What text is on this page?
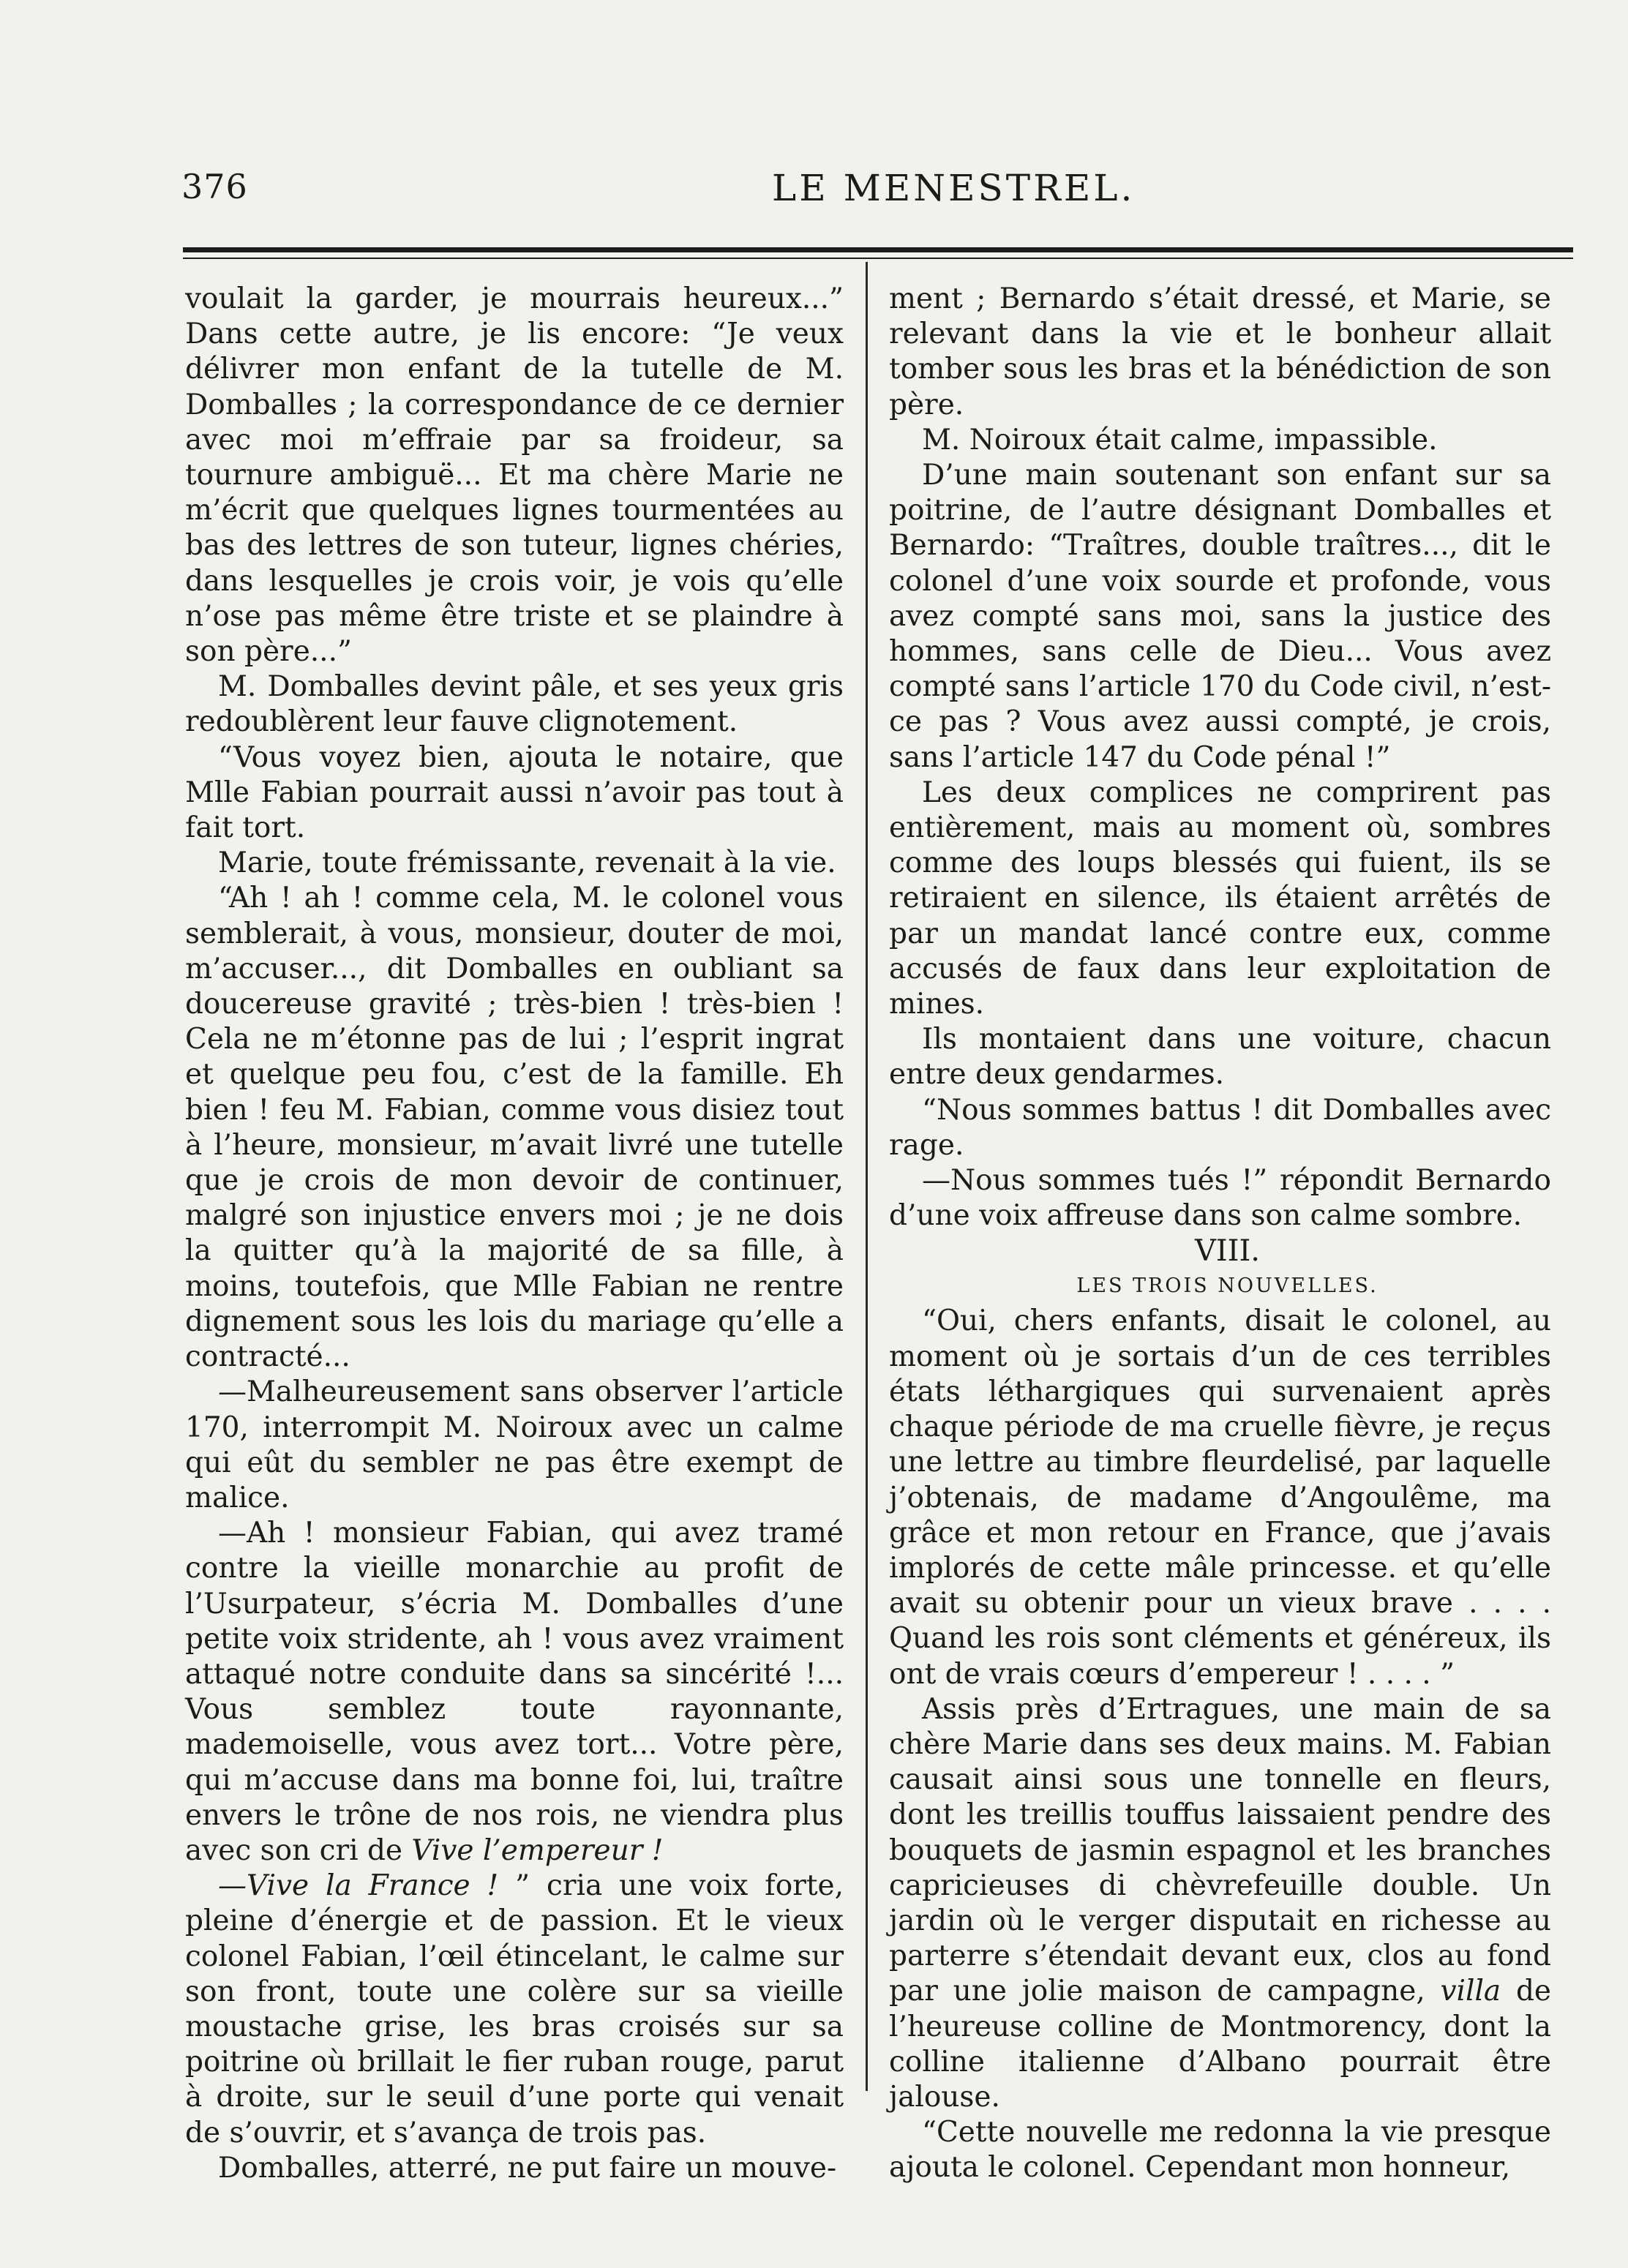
376	LE MENESTREL.

voulait la garder, je mourrais heureux...” Dans cette autre, je lis encore: “Je veux délivrer mon enfant de la tutelle de M. Domballes ; la correspondance de ce dernier avec moi m’effraie par sa froideur, sa tournure ambiguë... Et ma chère Marie ne m’écrit que quelques lignes tourmentées au bas des lettres de son tuteur, lignes chéries, dans lesquelles je crois voir, je vois qu’elle n’ose pas même être triste et se plaindre à son père...”

M. Domballes devint pâle, et ses yeux gris redoublèrent leur fauve clignotement.

“Vous voyez bien, ajouta le notaire, que Mlle Fabian pourrait aussi n’avoir pas tout à fait tort.

Marie, toute frémissante, revenait à la vie.

“Ah ! ah ! comme cela, M. le colonel vous semblerait, à vous, monsieur, douter de moi, m’accuser..., dit Domballes en oubliant sa doucereuse gravité ; très-bien ! très-bien ! Cela ne m’étonne pas de lui ; l’esprit ingrat et quelque peu fou, c’est de la famille. Eh bien ! feu M. Fabian, comme vous disiez tout à l’heure, monsieur, m’avait livré une tutelle que je crois de mon devoir de continuer, malgré son injustice envers moi ; je ne dois la quitter qu’à la majorité de sa fille, à moins, toutefois, que Mlle Fabian ne rentre dignement sous les lois du mariage qu’elle a contracté...

—Malheureusement sans observer l’article 170, interrompit M. Noiroux avec un calme qui eût du sembler ne pas être exempt de malice.

—Ah ! monsieur Fabian, qui avez tramé contre la vieille monarchie au profit de l’Usurpateur, s’écria M. Domballes d’une petite voix stridente, ah ! vous avez vraiment attaqué notre conduite dans sa sincérité !... Vous semblez toute rayonnante, mademoiselle, vous avez tort... Votre père, qui m’accuse dans ma bonne foi, lui, traître envers le trône de nos rois, ne viendra plus avec son cri de Vive l’empereur !

—Vive la France ! ” cria une voix forte, pleine d’énergie et de passion. Et le vieux colonel Fabian, l’œil étincelant, le calme sur son front, toute une colère sur sa vieille moustache grise, les bras croisés sur sa poitrine où brillait le fier ruban rouge, parut à droite, sur le seuil d’une porte qui venait de s’ouvrir, et s’avança de trois pas.

Domballes, atterré, ne put faire un mouve-

ment ; Bernardo s’était dressé, et Marie, se relevant dans la vie et le bonheur allait tomber sous les bras et la bénédiction de son père.

M. Noiroux était calme, impassible.

D’une main soutenant son enfant sur sa poitrine, de l’autre désignant Domballes et Bernardo: “Traîtres, double traîtres..., dit le colonel d’une voix sourde et profonde, vous avez compté sans moi, sans la justice des hommes, sans celle de Dieu... Vous avez compté sans l’article 170 du Code civil, n’est-ce pas ? Vous avez aussi compté, je crois, sans l’article 147 du Code pénal !”

Les deux complices ne comprirent pas entièrement, mais au moment où, sombres comme des loups blessés qui fuient, ils se retiraient en silence, ils étaient arrêtés de par un mandat lancé contre eux, comme accusés de faux dans leur exploitation de mines.

Ils montaient dans une voiture, chacun entre deux gendarmes.

“Nous sommes battus ! dit Domballes avec rage.

—Nous sommes tués !” répondit Bernardo d’une voix affreuse dans son calme sombre.

VIII.
LES TROIS NOUVELLES.

“Oui, chers enfants, disait le colonel, au moment où je sortais d’un de ces terribles états léthargiques qui survenaient après chaque période de ma cruelle fièvre, je reçus une lettre au timbre fleurdelisé, par laquelle j’obtenais, de madame d’Angoulême, ma grâce et mon retour en France, que j’avais implorés de cette mâle princesse. et qu’elle avait su obtenir pour un vieux brave . . . . Quand les rois sont cléments et généreux, ils ont de vrais cœurs d’empereur ! . . . . ”

Assis près d’Ertragues, une main de sa chère Marie dans ses deux mains. M. Fabian causait ainsi sous une tonnelle en fleurs, dont les treillis touffus laissaient pendre des bouquets de jasmin espagnol et les branches capricieuses di chèvrefeuille double. Un jardin où le verger disputait en richesse au parterre s’étendait devant eux, clos au fond par une jolie maison de campagne, villa de l’heureuse colline de Montmorency, dont la colline italienne d’Albano pourrait être jalouse.

“Cette nouvelle me redonna la vie presque ajouta le colonel. Cependant mon honneur,
